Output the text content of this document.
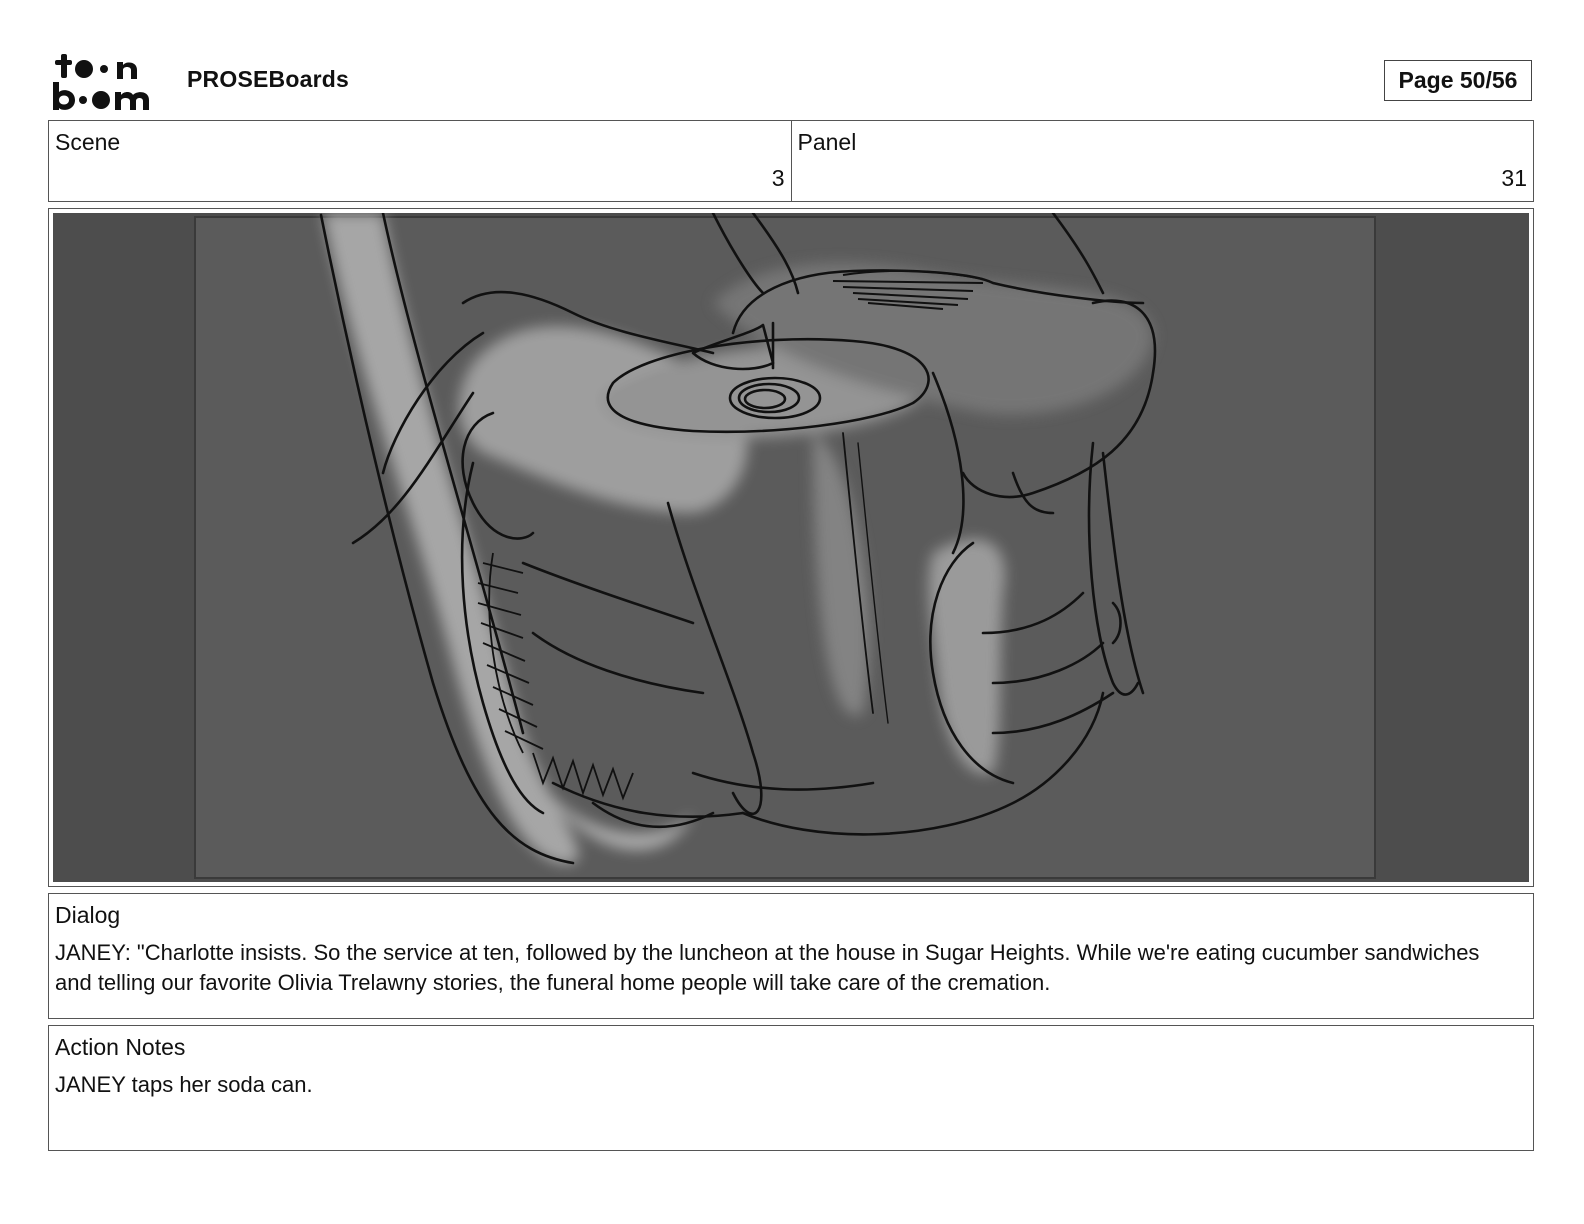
PROSEBoards	Page 50/56
Scene
3
Panel
31
Dialog
JANEY: "Charlotte insists. So the service at ten, followed by the luncheon at the house in Sugar Heights. While we're eating cucumber sandwiches and telling our favorite Olivia Trelawny stories, the funeral home people will take care of the cremation.
Action Notes
JANEY taps her soda can.
